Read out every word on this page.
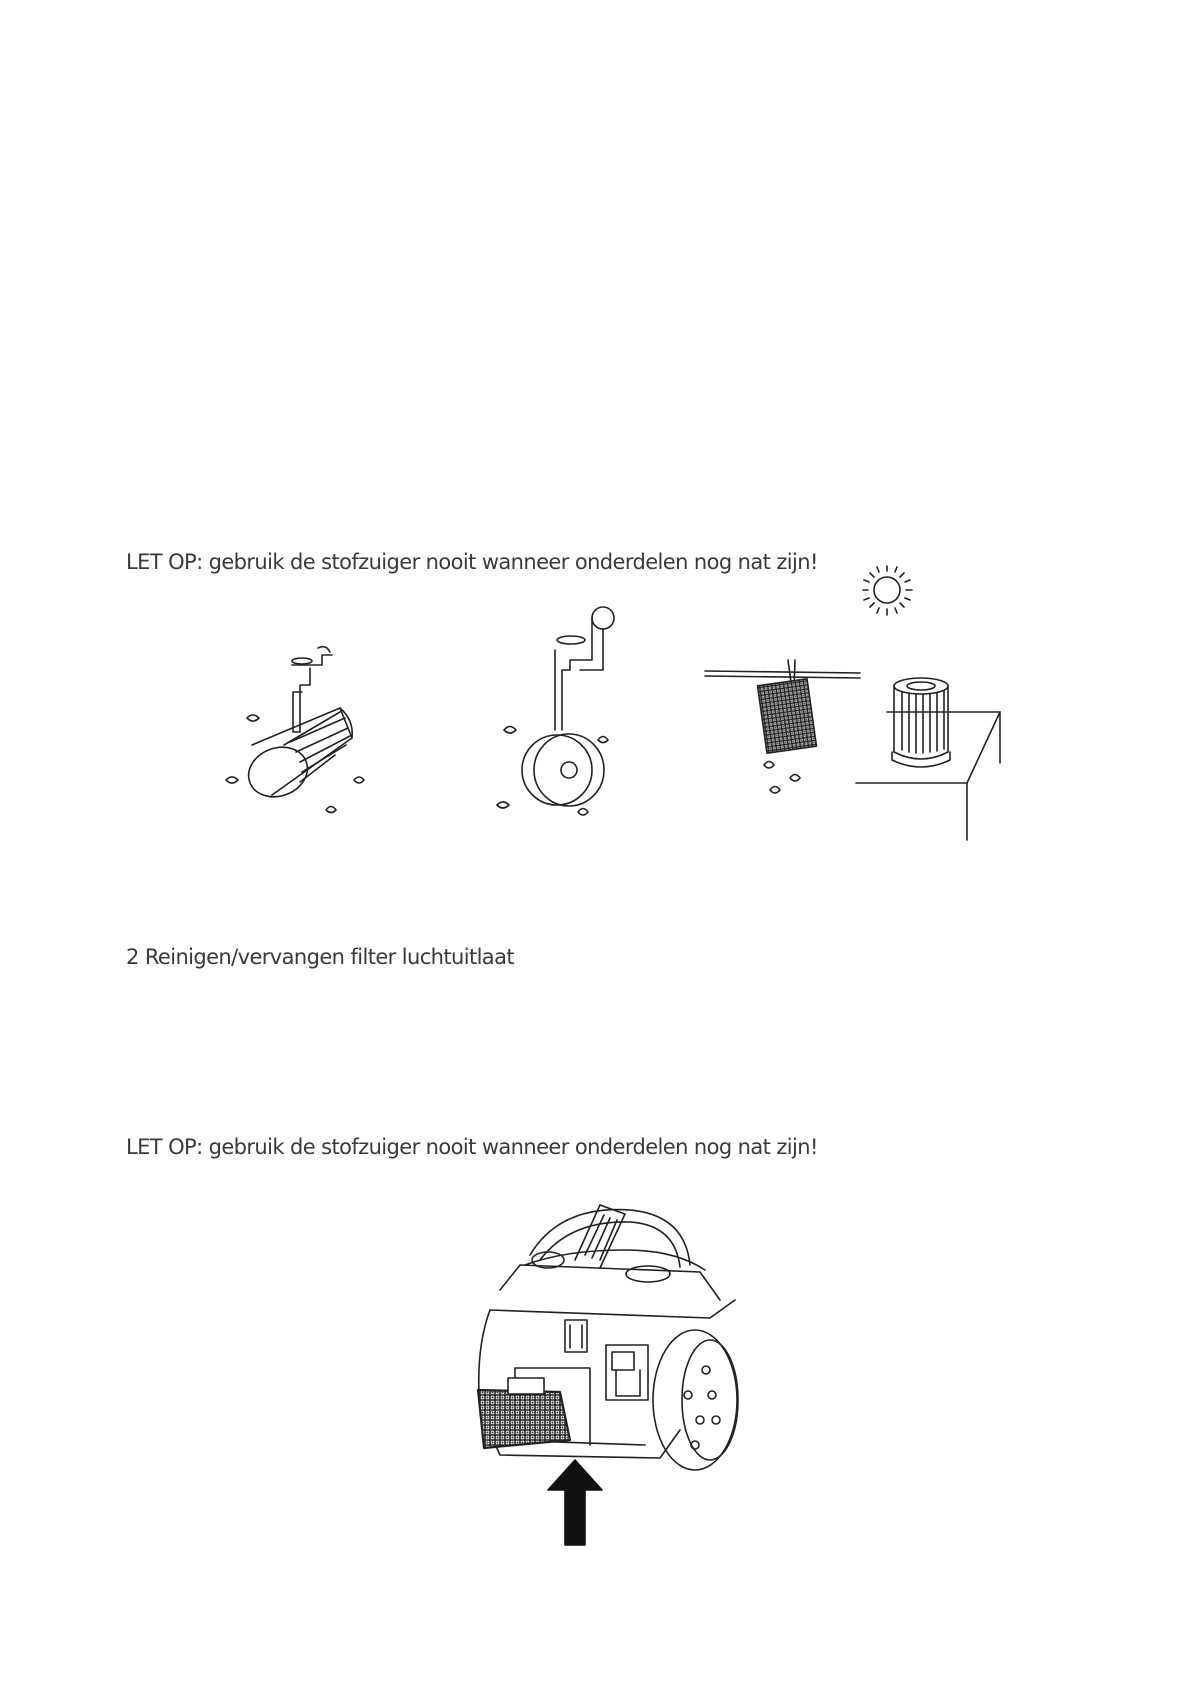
LET OP: gebruik de stofzuiger nooit wanneer onderdelen nog nat zijn!
2 Reinigen/vervangen filter luchtuitlaat
LET OP: gebruik de stofzuiger nooit wanneer onderdelen nog nat zijn!
